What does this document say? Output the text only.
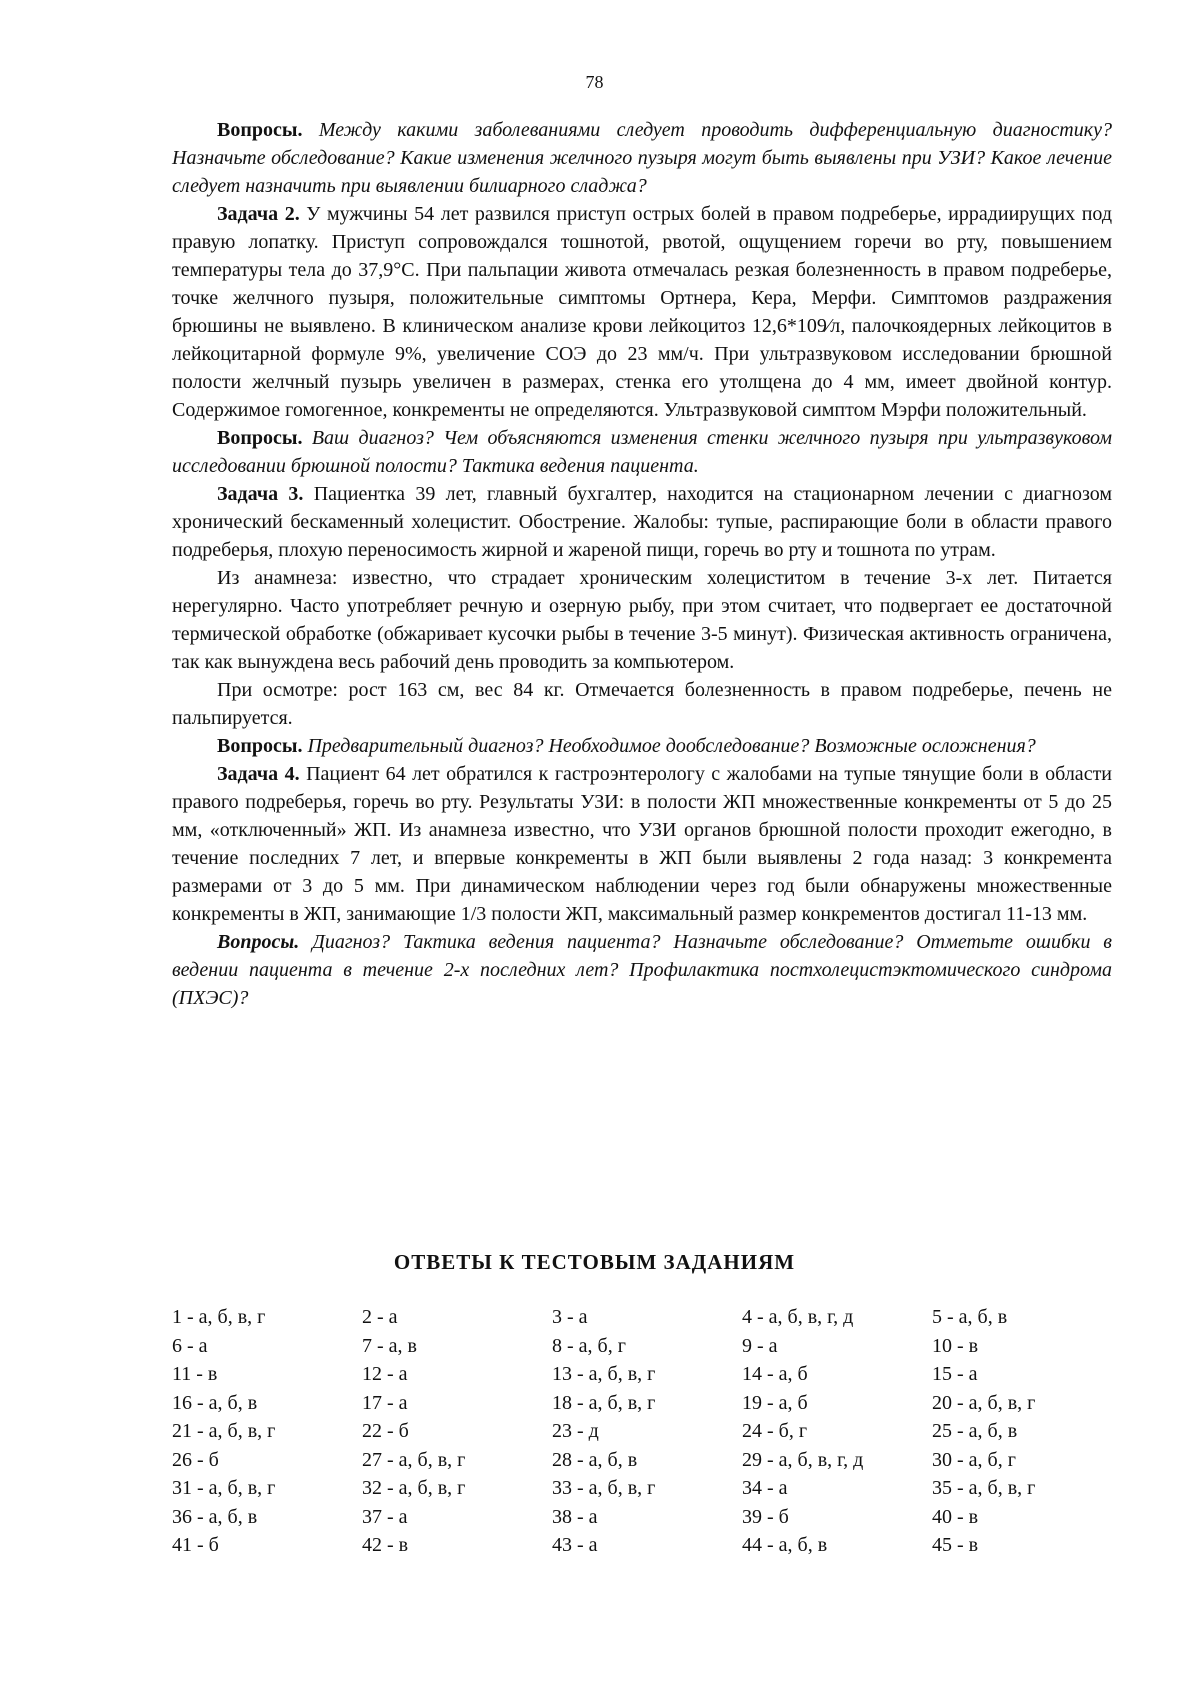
78

Вопросы. Между какими заболеваниями следует проводить дифференциальную диагностику? Назначьте обследование? Какие изменения желчного пузыря могут быть выявлены при УЗИ? Какое лечение следует назначить при выявлении билиарного сладжа?

Задача 2. У мужчины 54 лет развился приступ острых болей в правом подреберье, иррадиирущих под правую лопатку. Приступ сопровождался тошнотой, рвотой, ощущением горечи во рту, повышением температуры тела до 37,9°С. При пальпации живота отмечалась резкая болезненность в правом подреберье, точке желчного пузыря, положительные симптомы Ортнера, Кера, Мерфи. Симптомов раздражения брюшины не выявлено. В клиническом анализе крови лейкоцитоз 12,6*109⁄л, палочкоядерных лейкоцитов в лейкоцитарной формуле 9%, увеличение СОЭ до 23 мм/ч. При ультразвуковом исследовании брюшной полости желчный пузырь увеличен в размерах, стенка его утолщена до 4 мм, имеет двойной контур. Содержимое гомогенное, конкременты не определяются. Ультразвуковой симптом Мэрфи положительный.

Вопросы. Ваш диагноз? Чем объясняются изменения стенки желчного пузыря при ультразвуковом исследовании брюшной полости? Тактика ведения пациента.

Задача 3. Пациентка 39 лет, главный бухгалтер, находится на стационарном лечении с диагнозом хронический бескаменный холецистит. Обострение. Жалобы: тупые, распирающие боли в области правого подреберья, плохую переносимость жирной и жареной пищи, горечь во рту и тошнота по утрам.

Из анамнеза: известно, что страдает хроническим холециститом в течение 3-х лет. Питается нерегулярно. Часто употребляет речную и озерную рыбу, при этом считает, что подвергает ее достаточной термической обработке (обжаривает кусочки рыбы в течение 3-5 минут). Физическая активность ограничена, так как вынуждена весь рабочий день проводить за компьютером.

При осмотре: рост 163 см, вес 84 кг. Отмечается болезненность в правом подреберье, печень не пальпируется.

Вопросы. Предварительный диагноз? Необходимое дообследование? Возможные осложнения?

Задача 4. Пациент 64 лет обратился к гастроэнтерологу с жалобами на тупые тянущие боли в области правого подреберья, горечь во рту. Результаты УЗИ: в полости ЖП множественные конкременты от 5 до 25 мм, «отключенный» ЖП. Из анамнеза известно, что УЗИ органов брюшной полости проходит ежегодно, в течение последних 7 лет, и впервые конкременты в ЖП были выявлены 2 года назад: 3 конкремента размерами от 3 до 5 мм. При динамическом наблюдении через год были обнаружены множественные конкременты в ЖП, занимающие 1/3 полости ЖП, максимальный размер конкрементов достигал 11-13 мм.

Вопросы. Диагноз? Тактика ведения пациента? Назначьте обследование? Отметьте ошибки в ведении пациента в течение 2-х последних лет? Профилактика постхолецистэктомического синдрома (ПХЭС)?

ОТВЕТЫ К ТЕСТОВЫМ ЗАДАНИЯМ
1 - а, б, в, г	2 - а	3 - а	4 - а, б, в, г, д	5 - а, б, в
6 - а	7 - а, в	8 - а, б, г	9 - а	10 - в
11 - в	12 - а	13 - а, б, в, г	14 - а, б	15 - а
16 - а, б, в	17 - а	18 - а, б, в, г	19 - а, б	20 - а, б, в, г
21 - а, б, в, г	22 - б	23 - д	24 - б, г	25 - а, б, в
26 - б	27 - а, б, в, г	28 - а, б, в	29 - а, б, в, г, д	30 - а, б, г
31 - а, б, в, г	32 - а, б, в, г	33 - а, б, в, г	34 - а	35 - а, б, в, г
36 - а, б, в	37 - а	38 - а	39 - б	40 - в
41 - б	42 - в	43 - а	44 - а, б, в	45 - в
